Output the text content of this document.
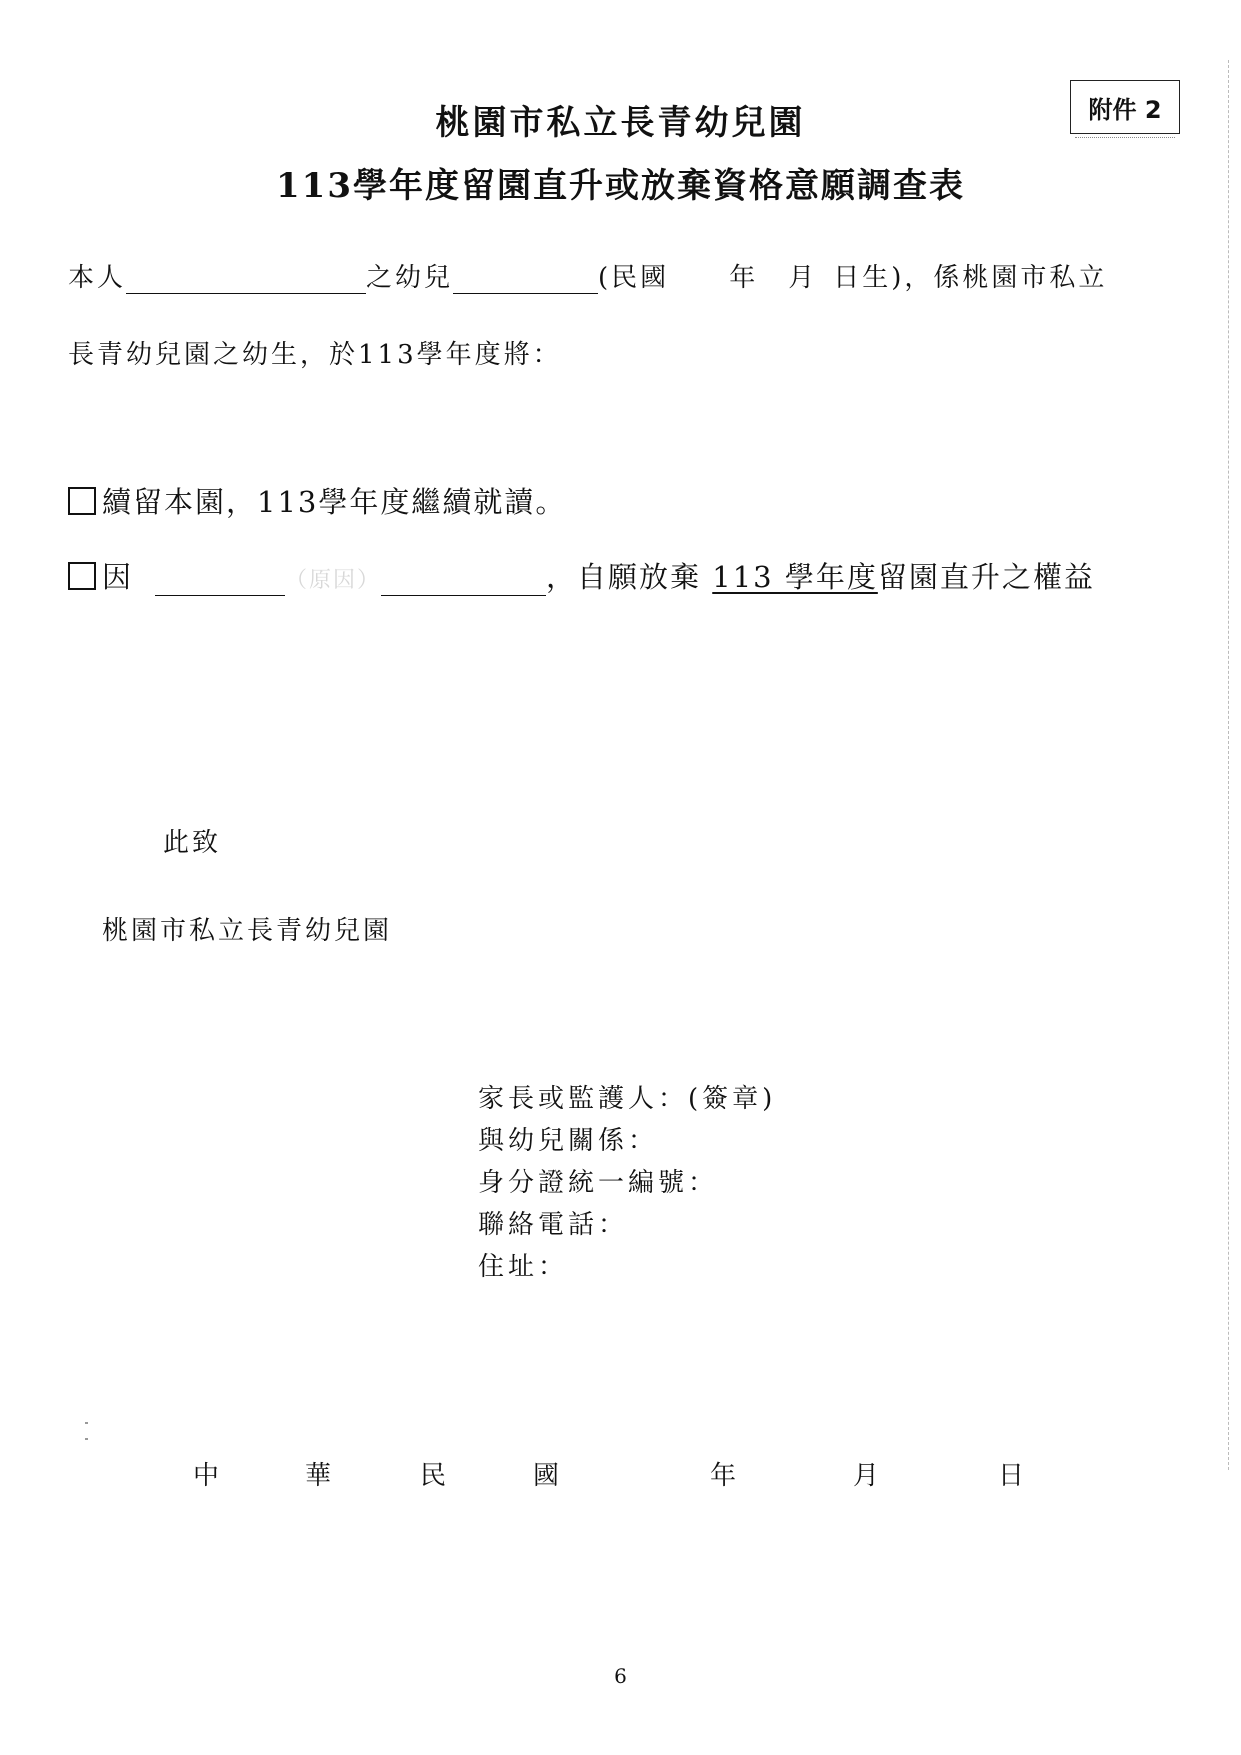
附件 2
桃園市私立長青幼兒園
113學年度留園直升或放棄資格意願調查表
本人	之幼兒	(民國 年 月 日生)，係桃園市私立
長青幼兒園之幼生，於113學年度將：
續留本園，113學年度繼續就讀。
因	（原因）	，自願放棄 113 學年度留園直升之權益
此致
桃園市私立長青幼兒園
家長或監護人：(簽章)
與幼兒關係：
身分證統一編號：
聯絡電話：
住址：
中	華	民	國	年	月	日
6
